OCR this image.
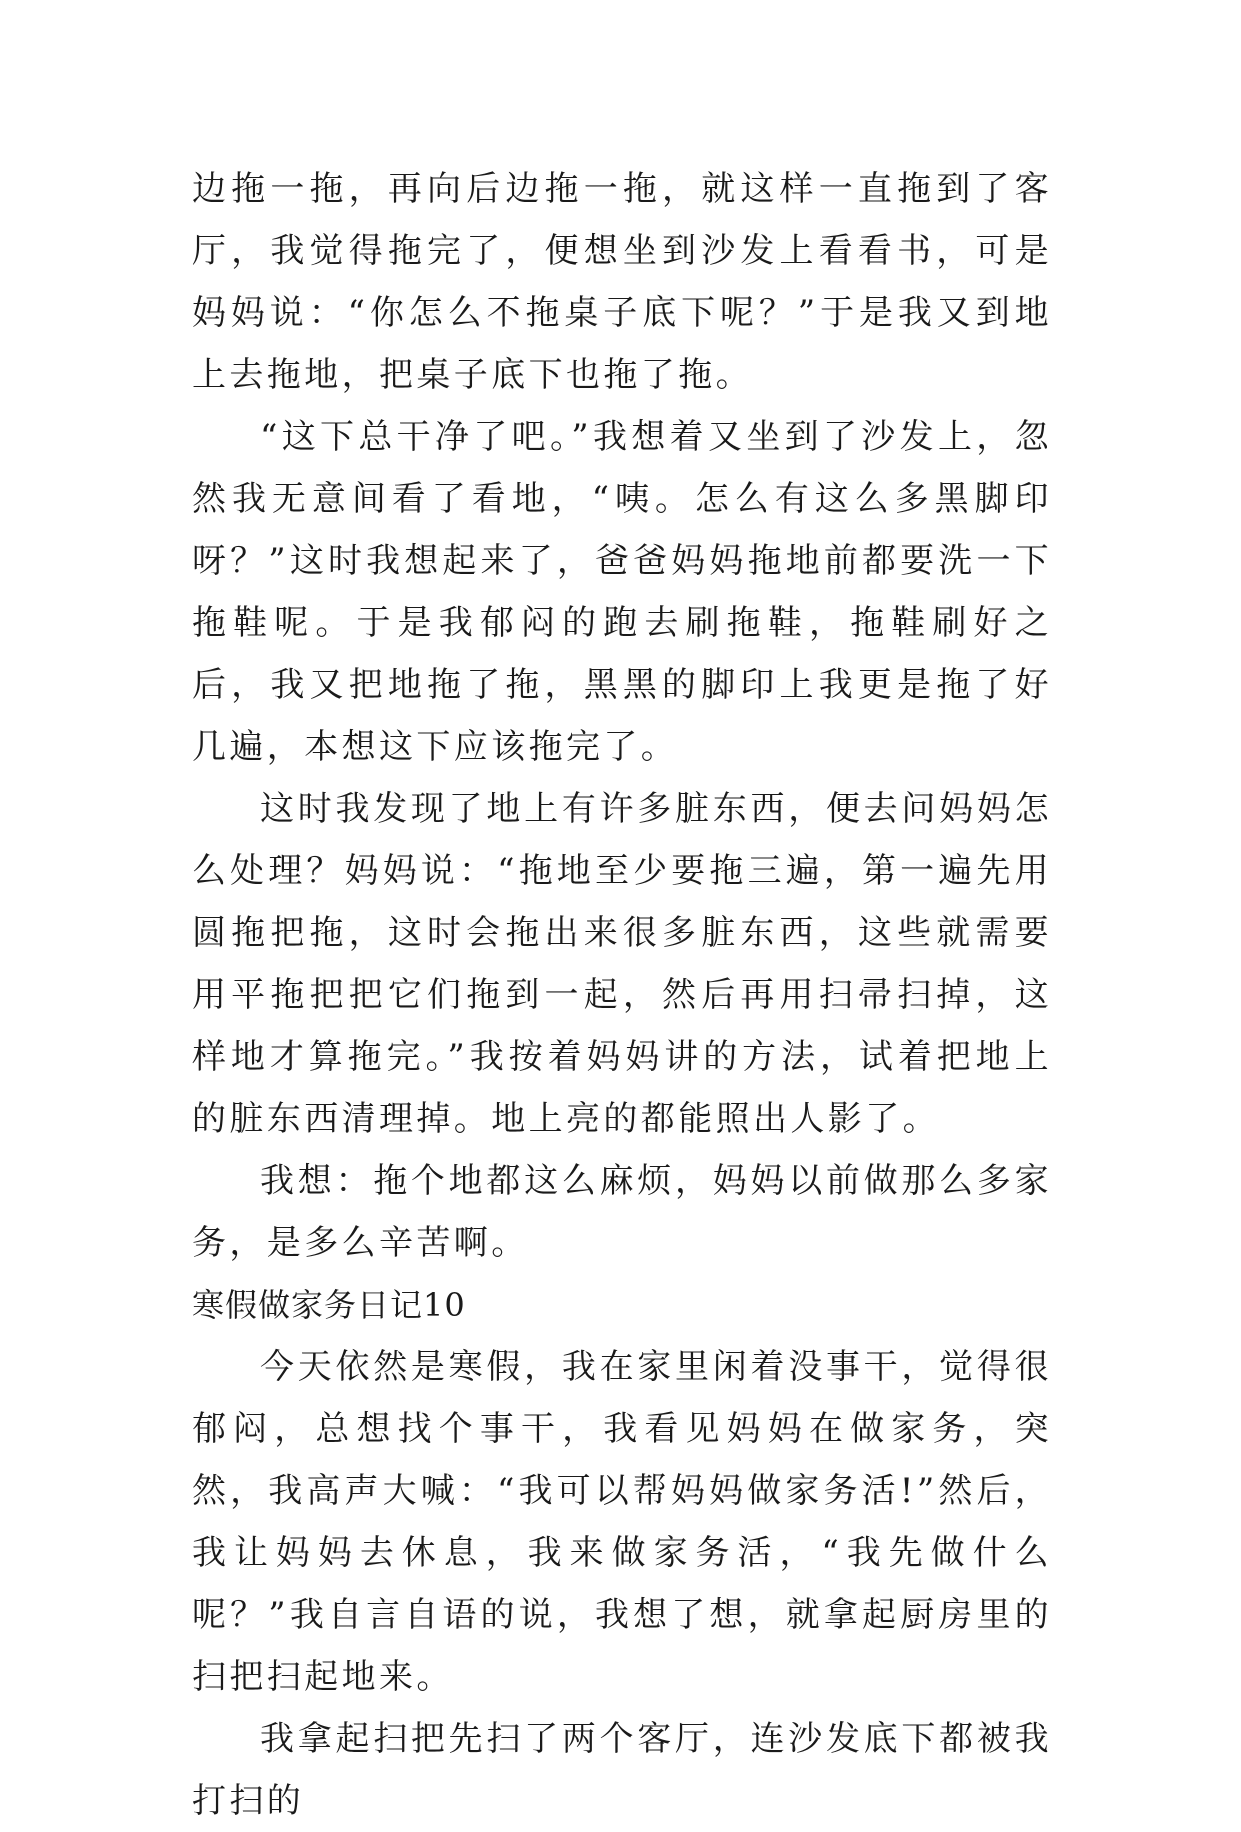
边拖一拖，再向后边拖一拖，就这样一直拖到了客厅，我觉得拖完了，便想坐到沙发上看看书，可是妈妈说：“你怎么不拖桌子底下呢？”于是我又到地上去拖地，把桌子底下也拖了拖。

“这下总干净了吧。”我想着又坐到了沙发上，忽然我无意间看了看地，“咦。怎么有这么多黑脚印呀？”这时我想起来了，爸爸妈妈拖地前都要洗一下拖鞋呢。于是我郁闷的跑去刷拖鞋，拖鞋刷好之后，我又把地拖了拖，黑黑的脚印上我更是拖了好几遍，本想这下应该拖完了。

这时我发现了地上有许多脏东西，便去问妈妈怎么处理？妈妈说：“拖地至少要拖三遍，第一遍先用圆拖把拖，这时会拖出来很多脏东西，这些就需要用平拖把把它们拖到一起，然后再用扫帚扫掉，这样地才算拖完。”我按着妈妈讲的方法，试着把地上的脏东西清理掉。地上亮的都能照出人影了。

我想：拖个地都这么麻烦，妈妈以前做那么多家务，是多么辛苦啊。

寒假做家务日记10

今天依然是寒假，我在家里闲着没事干，觉得很郁闷，总想找个事干，我看见妈妈在做家务，突然，我高声大喊：“我可以帮妈妈做家务活!”然后，我让妈妈去休息，我来做家务活，“我先做什么呢？”我自言自语的说，我想了想，就拿起厨房里的扫把扫起地来。

我拿起扫把先扫了两个客厅，连沙发底下都被我打扫的
